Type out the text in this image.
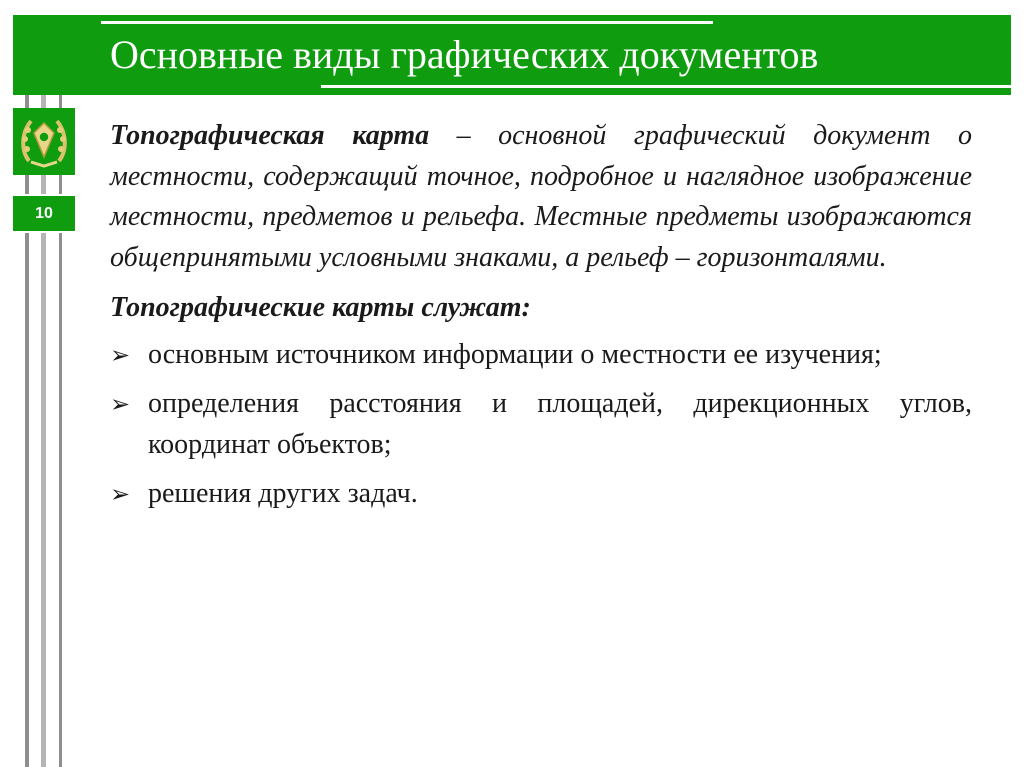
Основные виды графических документов
10

Топографическая карта – основной графический документ о местности, содержащий точное, подробное и наглядное изображение местности, предметов и рельефа. Местные предметы изображаются общепринятыми условными знаками, а рельеф – горизонталями.

Топографические карты служат:
➢ основным источником информации о местности ее изучения;
➢ определения расстояния и площадей, дирекционных углов, координат объектов;
➢ решения других задач.
